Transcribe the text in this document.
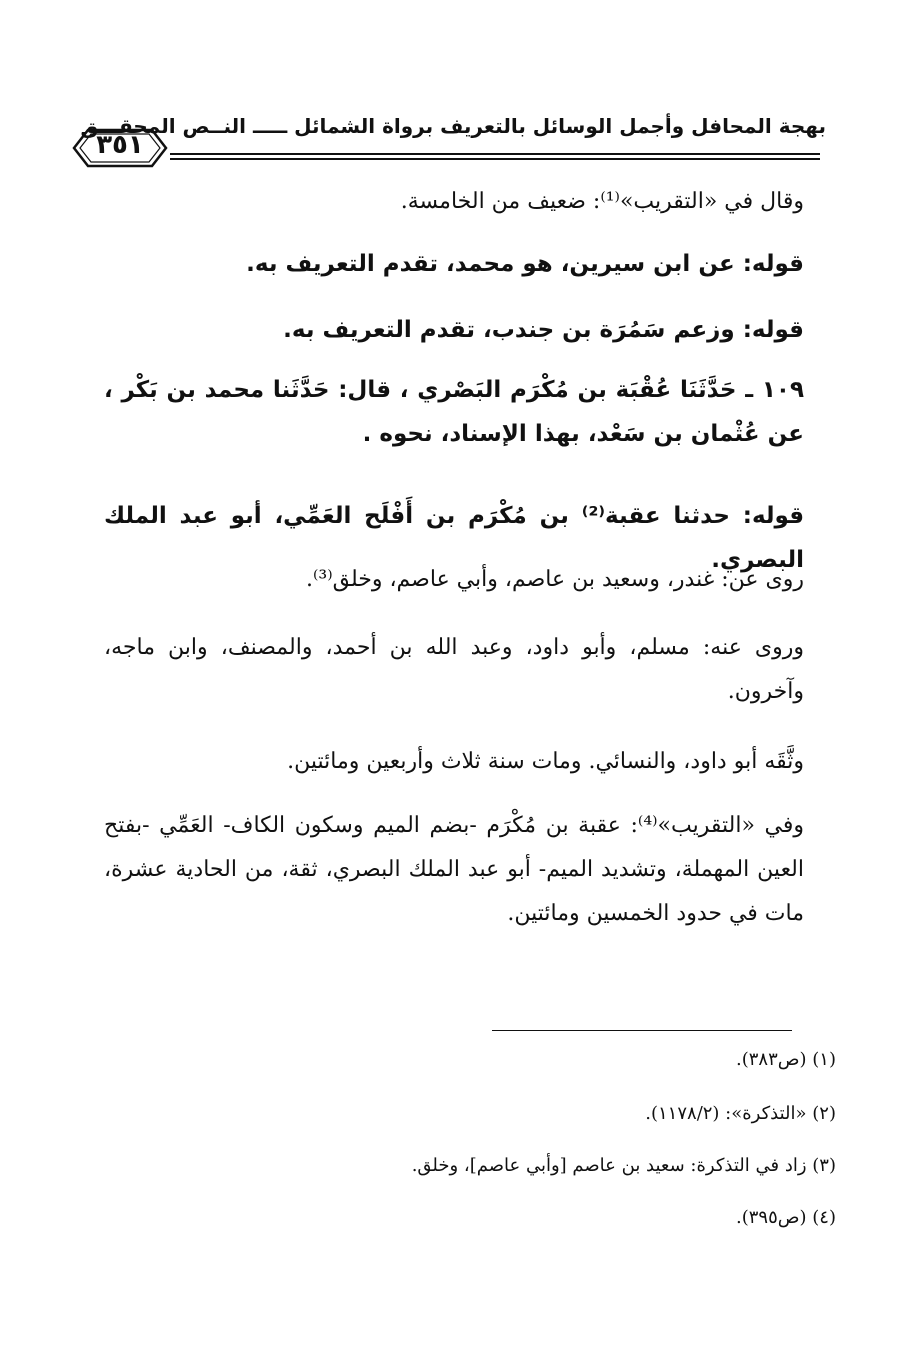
بهجة المحافل وأجمل الوسائل بالتعريف برواة الشمائل ـــــ النــص المحقـــق
٣٥١
وقال في «التقريب»⁽¹⁾: ضعيف من الخامسة.
قوله: عن ابن سيرين، هو محمد، تقدم التعريف به.
قوله: وزعم سَمُرَة بن جندب، تقدم التعريف به.
١٠٩ ـ حَدَّثَنَا عُقْبَة بن مُكْرَم البَصْري ، قال: حَدَّثَنا محمد بن بَكْر ، عن عُثْمان بن سَعْد، بهذا الإسناد، نحوه .
قوله: حدثنا عقبة⁽²⁾ بن مُكْرَم بن أَفْلَح العَمِّي، أبو عبد الملك البصري.
روى عن: غندر، وسعيد بن عاصم، وأبي عاصم، وخلق⁽³⁾.
وروى عنه: مسلم، وأبو داود، وعبد الله بن أحمد، والمصنف، وابن ماجه، وآخرون.
وثَّقَه أبو داود، والنسائي. ومات سنة ثلاث وأربعين ومائتين.
وفي «التقريب»⁽⁴⁾: عقبة بن مُكْرَم -بضم الميم وسكون الكاف- العَمِّي -بفتح العين المهملة، وتشديد الميم- أبو عبد الملك البصري، ثقة، من الحادية عشرة، مات في حدود الخمسين ومائتين.
(١) (ص٣٨٣).
(٢) «التذكرة»: (١١٧٨/٢).
(٣) زاد في التذكرة: سعيد بن عاصم [وأبي عاصم]، وخلق.
(٤) (ص٣٩٥).
